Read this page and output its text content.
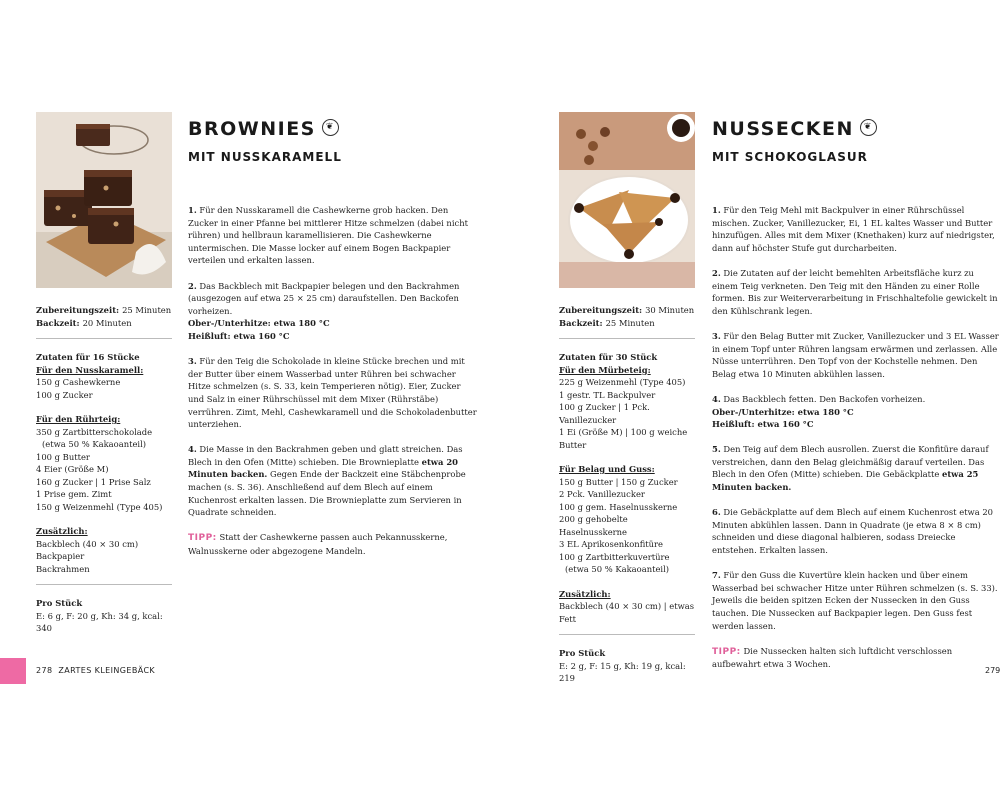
BROWNIES ❦
MIT NUSSKARAMELL
Zubereitungszeit: 25 Minuten
Backzeit: 20 Minuten
Zutaten für 16 Stücke
Für den Nusskaramell:
150 g Cashewkerne
100 g Zucker
Für den Rührteig:
350 g Zartbitterschokolade
(etwa 50 % Kakaoanteil)
100 g Butter
4 Eier (Größe M)
160 g Zucker | 1 Prise Salz
1 Prise gem. Zimt
150 g Weizenmehl (Type 405)
Zusätzlich:
Backblech (40 × 30 cm)
Backpapier
Backrahmen
Pro Stück
E: 6 g, F: 20 g, Kh: 34 g, kcal: 340

1. Für den Nusskaramell die Cashewkerne grob hacken. Den Zucker in einer Pfanne bei mittlerer Hitze schmelzen (dabei nicht rühren) und hellbraun karamellisieren. Die Cashewkerne untermischen. Die Masse locker auf einem Bogen Backpapier verteilen und erkalten lassen.

2. Das Backblech mit Backpapier belegen und den Backrahmen (ausgezogen auf etwa 25 × 25 cm) daraufstellen. Den Backofen vorheizen.
Ober-/Unterhitze: etwa 180 °C
Heißluft: etwa 160 °C

3. Für den Teig die Schokolade in kleine Stücke brechen und mit der Butter über einem Wasserbad unter Rühren bei schwacher Hitze schmelzen (s. S. 33, kein Temperieren nötig). Eier, Zucker und Salz in einer Rührschüssel mit dem Mixer (Rührstäbe) verrühren. Zimt, Mehl, Cashewkaramell und die Schokoladenbutter unterziehen.

4. Die Masse in den Backrahmen geben und glatt streichen. Das Blech in den Ofen (Mitte) schieben. Die Brownieplatte etwa 20 Minuten backen. Gegen Ende der Backzeit eine Stäbchenprobe machen (s. S. 36). Anschließend auf dem Blech auf einem Kuchenrost erkalten lassen. Die Brownieplatte zum Servieren in Quadrate schneiden.

TIPP: Statt der Cashewkerne passen auch Pekannusskerne, Walnusskerne oder abgezogene Mandeln.

278 ZARTES KLEINGEBÄCK
NUSSECKEN ❦
MIT SCHOKOGLASUR
Zubereitungszeit: 30 Minuten
Backzeit: 25 Minuten
Zutaten für 30 Stück
Für den Mürbeteig:
225 g Weizenmehl (Type 405)
1 gestr. TL Backpulver
100 g Zucker | 1 Pck. Vanillezucker
1 Ei (Größe M) | 100 g weiche Butter
Für Belag und Guss:
150 g Butter | 150 g Zucker
2 Pck. Vanillezucker
100 g gem. Haselnusskerne
200 g gehobelte Haselnusskerne
3 EL Aprikosenkonfitüre
100 g Zartbitterkuvertüre
(etwa 50 % Kakaoanteil)
Zusätzlich:
Backblech (40 × 30 cm) | etwas Fett
Pro Stück
E: 2 g, F: 15 g, Kh: 19 g, kcal: 219

1. Für den Teig Mehl mit Backpulver in einer Rührschüssel mischen. Zucker, Vanillezucker, Ei, 1 EL kaltes Wasser und Butter hinzufügen. Alles mit dem Mixer (Knethaken) kurz auf niedrigster, dann auf höchster Stufe gut durcharbeiten.

2. Die Zutaten auf der leicht bemehlten Arbeitsfläche kurz zu einem Teig verkneten. Den Teig mit den Händen zu einer Rolle formen. Bis zur Weiterverarbeitung in Frischhaltefolie gewickelt in den Kühlschrank legen.

3. Für den Belag Butter mit Zucker, Vanillezucker und 3 EL Wasser in einem Topf unter Rühren langsam erwärmen und zerlassen. Alle Nüsse unterrühren. Den Topf von der Kochstelle nehmen. Den Belag etwa 10 Minuten abkühlen lassen.

4. Das Backblech fetten. Den Backofen vorheizen.
Ober-/Unterhitze: etwa 180 °C
Heißluft: etwa 160 °C

5. Den Teig auf dem Blech ausrollen. Zuerst die Konfitüre darauf verstreichen, dann den Belag gleichmäßig darauf verteilen. Das Blech in den Ofen (Mitte) schieben. Die Gebäckplatte etwa 25 Minuten backen.

6. Die Gebäckplatte auf dem Blech auf einem Kuchenrost etwa 20 Minuten abkühlen lassen. Dann in Quadrate (je etwa 8 × 8 cm) schneiden und diese diagonal halbieren, sodass Dreiecke entstehen. Erkalten lassen.

7. Für den Guss die Kuvertüre klein hacken und über einem Wasserbad bei schwacher Hitze unter Rühren schmelzen (s. S. 33). Jeweils die beiden spitzen Ecken der Nussecken in den Guss tauchen. Die Nussecken auf Backpapier legen. Den Guss fest werden lassen.

TIPP: Die Nussecken halten sich luftdicht verschlossen aufbewahrt etwa 3 Wochen.

279
